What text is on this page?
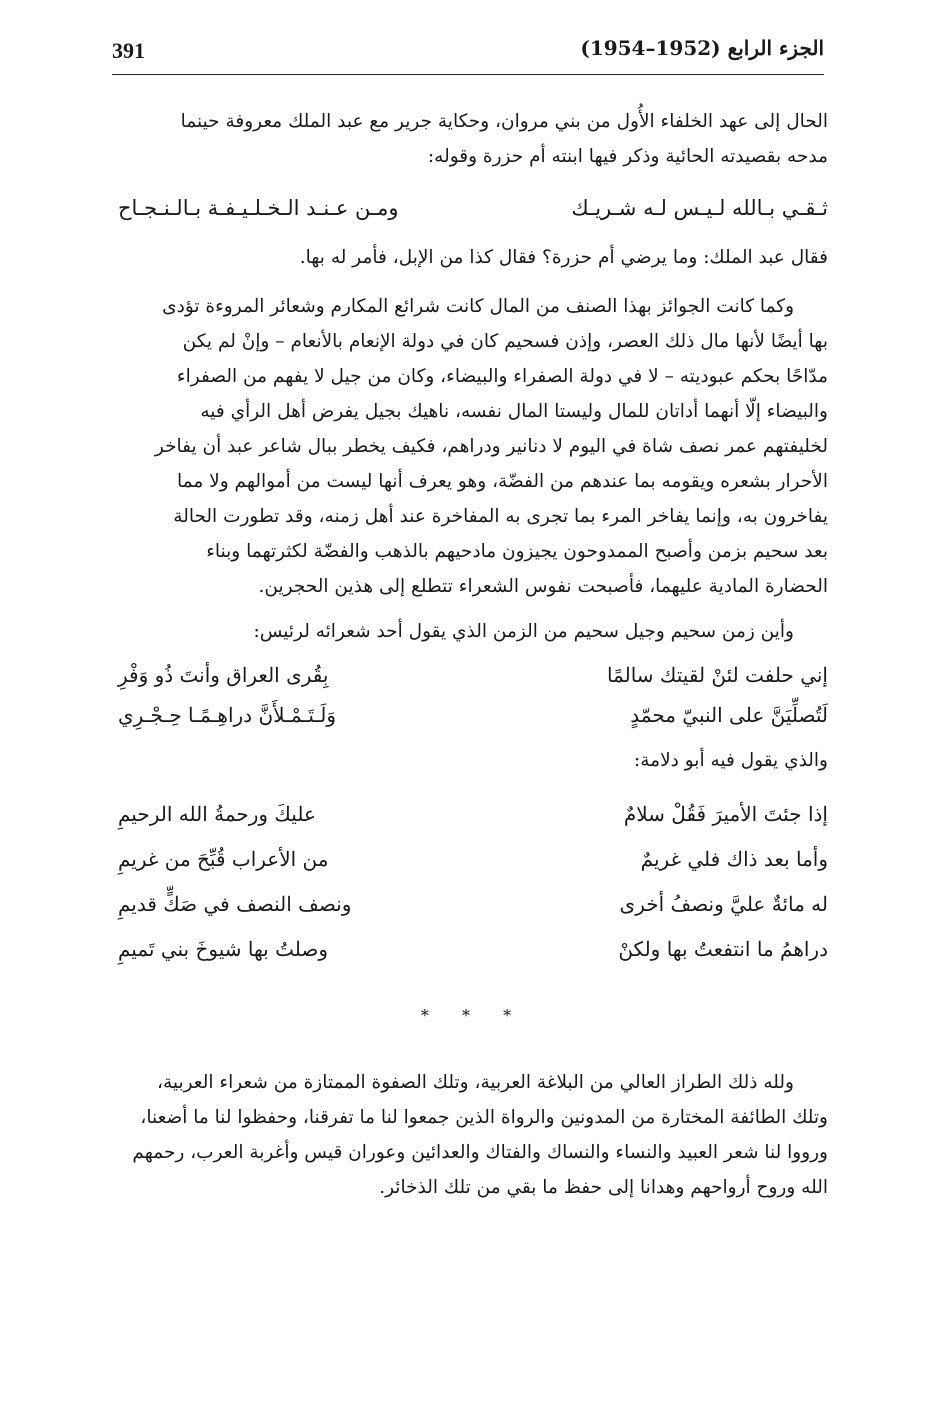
391	الجزء الرابع (1952–1954)

الحال إلى عهد الخلفاء الأُول من بني مروان، وحكاية جرير مع عبد الملك معروفة حينما
مدحه بقصيدته الحائية وذكر فيها ابنته أم حزرة وقوله:

ثـقـي بـالله لـيـس لـه شـريـك
ومـن عـنـد الـخـلـيـفـة بـالـنـجـاح

فقال عبد الملك: وما يرضي أم حزرة؟ فقال كذا من الإبل، فأمر له بها.

وكما كانت الجوائز بهذا الصنف من المال كانت شرائع المكارم وشعائر المروءة تؤدى
بها أيضًا لأنها مال ذلك العصر، وإذن فسحيم كان في دولة الإنعام بالأنعام – وإنْ لم يكن
مدّاحًا بحكم عبوديته – لا في دولة الصفراء والبيضاء، وكان من جيل لا يفهم من الصفراء
والبيضاء إلّا أنهما أداتان للمال وليستا المال نفسه، ناهيك بجيل يفرض أهل الرأي فيه
لخليفتهم عمر نصف شاة في اليوم لا دنانير ودراهم، فكيف يخطر ببال شاعر عبد أن يفاخر
الأحرار بشعره ويقومه بما عندهم من الفضّة، وهو يعرف أنها ليست من أموالهم ولا مما
يفاخرون به، وإنما يفاخر المرء بما تجرى به المفاخرة عند أهل زمنه، وقد تطورت الحالة
بعد سحيم بزمن وأصبح الممدوحون يجيزون مادحيهم بالذهب والفضّة لكثرتهما وبناء
الحضارة المادية عليهما، فأصبحت نفوس الشعراء تتطلع إلى هذين الحجرين.

وأين زمن سحيم وجيل سحيم من الزمن الذي يقول أحد شعرائه لرئيس:

إني حلفت لئنْ لقيتك سالمًا
بِقُرى العراق وأنتَ ذُو وَفْرِ
لَتُصلِّيَنَّ على النبيّ محمّدٍ
وَلَـتَـمْـلأَنَّ دراهِـمًـا حِـجْـرِي

والذي يقول فيه أبو دلامة:

إذا جئتَ الأميرَ فَقُلْ سلامٌ
عليكَ ورحمةُ الله الرحيمِ
وأما بعد ذاك فلي غريمٌ
من الأعراب قُبِّحَ من غريمِ
له مائةٌ عليَّ ونصفُ أخرى
ونصف النصف في صَكٍّ قديمِ
دراهمُ ما انتفعتُ بها ولكنْ
وصلتُ بها شيوخَ بني تَميمِ
* * *

ولله ذلك الطراز العالي من البلاغة العربية، وتلك الصفوة الممتازة من شعراء العربية،
وتلك الطائفة المختارة من المدونين والرواة الذين جمعوا لنا ما تفرقنا، وحفظوا لنا ما أضعنا،
ورووا لنا شعر العبيد والنساء والنساك والفتاك والعدائين وعوران قيس وأغربة العرب، رحمهم
الله وروح أرواحهم وهدانا إلى حفظ ما بقي من تلك الذخائر.
